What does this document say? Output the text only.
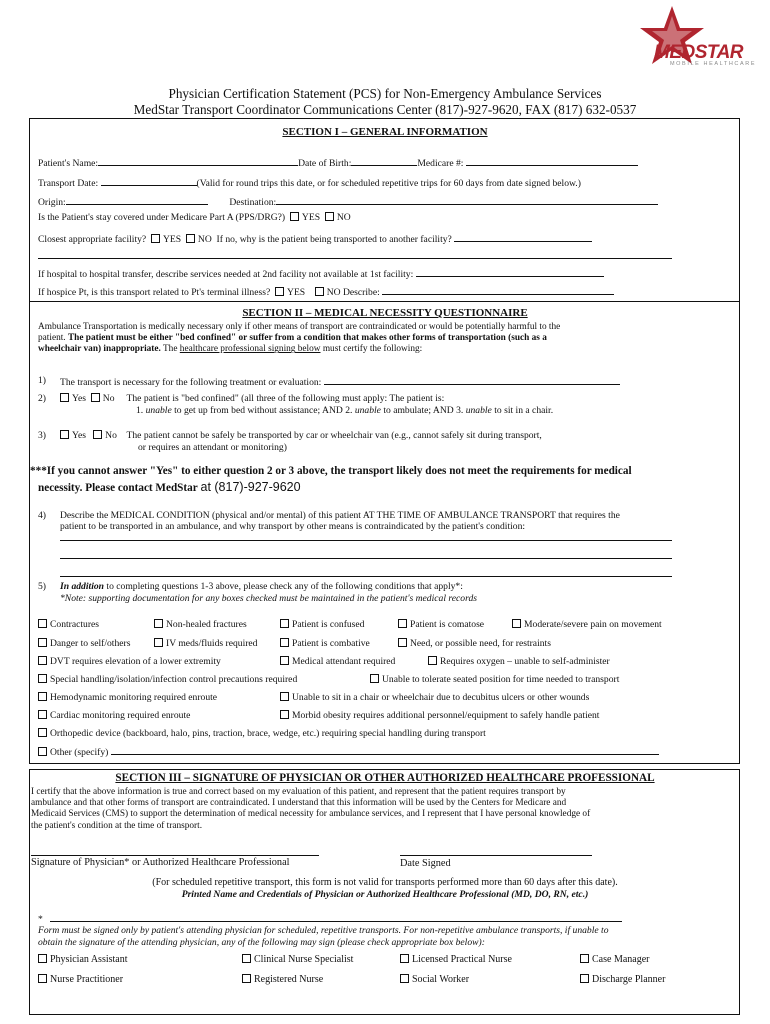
MEDSTAR
MOBILE HEALTHCARE
Physician Certification Statement (PCS) for Non-Emergency Ambulance Services
MedStar Transport Coordinator Communications Center (817)-927-9620, FAX (817) 632-0537
SECTION I – GENERAL INFORMATION
Patient's Name:	Date of Birth:	Medicare #:
Transport Date:	(Valid for round trips this date, or for scheduled repetitive trips for 60 days from date signed below.)
Origin:	Destination:
Is the Patient's stay covered under Medicare Part A (PPS/DRG?) YES NO
Closest appropriate facility? YES NO If no, why is the patient being transported to another facility?
If hospital to hospital transfer, describe services needed at 2nd facility not available at 1st facility:
If hospice Pt, is this transport related to Pt's terminal illness? YES NO Describe:
SECTION II – MEDICAL NECESSITY QUESTIONNAIRE
Ambulance Transportation is medically necessary only if other means of transport are contraindicated or would be potentially harmful to the
patient. The patient must be either "bed confined" or suffer from a condition that makes other forms of transportation (such as a
wheelchair van) inappropriate. The healthcare professional signing below must certify the following:
1) The transport is necessary for the following treatment or evaluation:
2)	Yes No The patient is "bed confined" (all three of the following must apply: The patient is:
1. unable to get up from bed without assistance; AND 2. unable to ambulate; AND 3. unable to sit in a chair.
3)	Yes No The patient cannot be safely be transported by car or wheelchair van (e.g., cannot safely sit during transport,
or requires an attendant or monitoring)
***If you cannot answer "Yes" to either question 2 or 3 above, the transport likely does not meet the requirements for medical
necessity. Please contact MedStar at (817)-927-9620
4) Describe the MEDICAL CONDITION (physical and/or mental) of this patient AT THE TIME OF AMBULANCE TRANSPORT that requires the
patient to be transported in an ambulance, and why transport by other means is contraindicated by the patient's condition:
5) In addition to completing questions 1-3 above, please check any of the following conditions that apply*:
*Note: supporting documentation for any boxes checked must be maintained in the patient's medical records
Contractures	Non-healed fractures	Patient is confused	Patient is comatose	Moderate/severe pain on movement
Danger to self/others	IV meds/fluids required	Patient is combative	Need, or possible need, for restraints
DVT requires elevation of a lower extremity	Medical attendant required	Requires oxygen – unable to self-administer
Special handling/isolation/infection control precautions required	Unable to tolerate seated position for time needed to transport
Hemodynamic monitoring required enroute	Unable to sit in a chair or wheelchair due to decubitus ulcers or other wounds
Cardiac monitoring required enroute	Morbid obesity requires additional personnel/equipment to safely handle patient
Orthopedic device (backboard, halo, pins, traction, brace, wedge, etc.) requiring special handling during transport
Other (specify)
SECTION III – SIGNATURE OF PHYSICIAN OR OTHER AUTHORIZED HEALTHCARE PROFESSIONAL
I certify that the above information is true and correct based on my evaluation of this patient, and represent that the patient requires transport by
ambulance and that other forms of transport are contraindicated. I understand that this information will be used by the Centers for Medicare and
Medicaid Services (CMS) to support the determination of medical necessity for ambulance services, and I represent that I have personal knowledge of
the patient's condition at the time of transport.
Signature of Physician* or Authorized Healthcare Professional	Date Signed
(For scheduled repetitive transport, this form is not valid for transports performed more than 60 days after this date).
Printed Name and Credentials of Physician or Authorized Healthcare Professional (MD, DO, RN, etc.)
*
Form must be signed only by patient's attending physician for scheduled, repetitive transports. For non-repetitive ambulance transports, if unable to
obtain the signature of the attending physician, any of the following may sign (please check appropriate box below):
Physician Assistant	Clinical Nurse Specialist	Licensed Practical Nurse	Case Manager
Nurse Practitioner	Registered Nurse	Social Worker	Discharge Planner
